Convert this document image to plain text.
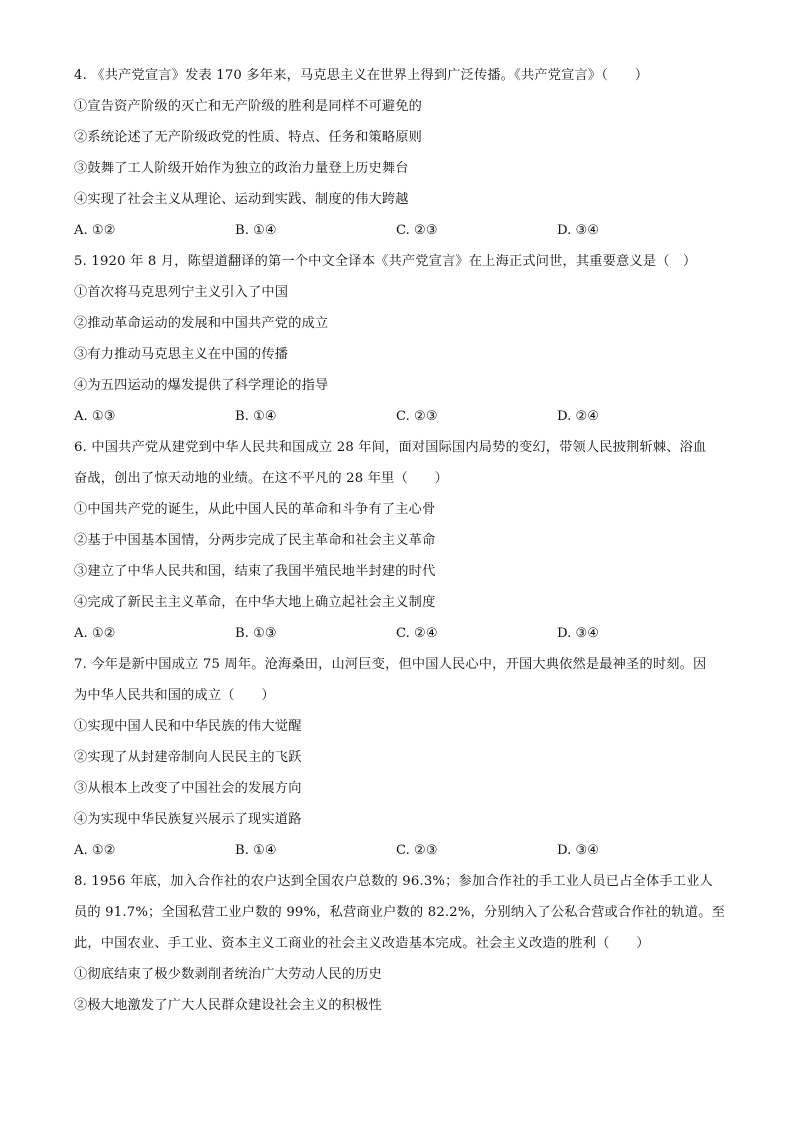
4. 《共产党宣言》发表 170 多年来，马克思主义在世界上得到广泛传播。《共产党宣言》（　　）
①宣告资产阶级的灭亡和无产阶级的胜利是同样不可避免的
②系统论述了无产阶级政党的性质、特点、任务和策略原则
③鼓舞了工人阶级开始作为独立的政治力量登上历史舞台
④实现了社会主义从理论、运动到实践、制度的伟大跨越
A. ①②	B. ①④	C. ②③	D. ③④
5. 1920 年 8 月，陈望道翻译的第一个中文全译本《共产党宣言》在上海正式问世，其重要意义是（　）
①首次将马克思列宁主义引入了中国
②推动革命运动的发展和中国共产党的成立
③有力推动马克思主义在中国的传播
④为五四运动的爆发提供了科学理论的指导
A. ①③	B. ①④	C. ②③	D. ②④
6. 中国共产党从建党到中华人民共和国成立 28 年间，面对国际国内局势的变幻，带领人民披荆斩棘、浴血
奋战，创出了惊天动地的业绩。在这不平凡的 28 年里（　　）
①中国共产党的诞生，从此中国人民的革命和斗争有了主心骨
②基于中国基本国情，分两步完成了民主革命和社会主义革命
③建立了中华人民共和国，结束了我国半殖民地半封建的时代
④完成了新民主主义革命，在中华大地上确立起社会主义制度
A. ①②	B. ①③	C. ②④	D. ③④
7. 今年是新中国成立 75 周年。沧海桑田，山河巨变，但中国人民心中，开国大典依然是最神圣的时刻。因
为中华人民共和国的成立（　　）
①实现中国人民和中华民族的伟大觉醒
②实现了从封建帝制向人民民主的飞跃
③从根本上改变了中国社会的发展方向
④为实现中华民族复兴展示了现实道路
A. ①②	B. ①④	C. ②③	D. ③④
8. 1956 年底，加入合作社的农户达到全国农户总数的 96.3%；参加合作社的手工业人员已占全体手工业人
员的 91.7%；全国私营工业户数的 99%，私营商业户数的 82.2%，分别纳入了公私合营或合作社的轨道。至
此，中国农业、手工业、资本主义工商业的社会主义改造基本完成。社会主义改造的胜利（　　）
①彻底结束了极少数剥削者统治广大劳动人民的历史
②极大地激发了广大人民群众建设社会主义的积极性
